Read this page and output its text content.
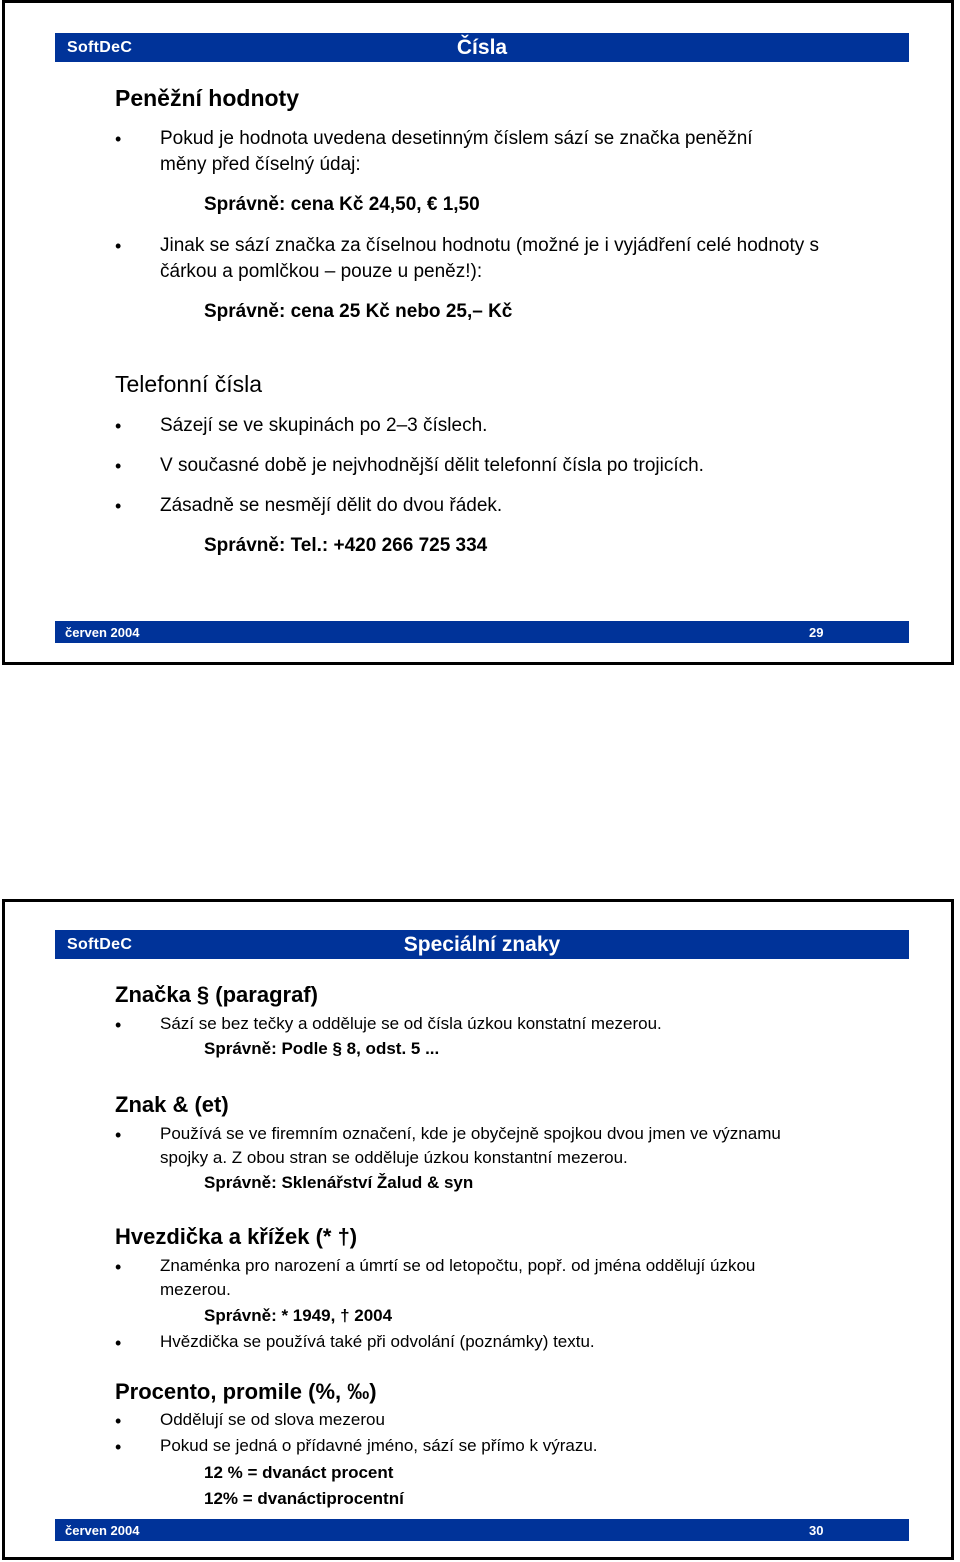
SoftDeC	Čísla
Peněžní hodnoty
• Pokud je hodnota uvedena desetinným číslem sází se značka peněžní měny před číselný údaj:
Správně: cena Kč 24,50, € 1,50
• Jinak se sází značka za číselnou hodnotu (možné je i vyjádření celé hodnoty s čárkou a pomlčkou – pouze u peněz!):
Správně: cena 25 Kč nebo 25,– Kč
Telefonní čísla
• Sázejí se ve skupinách po 2–3 číslech.
• V současné době je nejvhodnější dělit telefonní čísla po trojicích.
• Zásadně se nesmějí dělit do dvou řádek.
Správně: Tel.: +420 266 725 334
červen 2004	29
SoftDeC	Speciální znaky
Značka § (paragraf)
• Sází se bez tečky a odděluje se od čísla úzkou konstatní mezerou.
Správně: Podle § 8, odst. 5 ...
Znak & (et)
• Používá se ve firemním označení, kde je obyčejně spojkou dvou jmen ve významu spojky a. Z obou stran se odděluje úzkou konstantní mezerou.
Správně: Sklenářství Žalud & syn
Hvezdička a křížek (* †)
• Znaménka pro narození a úmrtí se od letopočtu, popř. od jména oddělují úzkou mezerou.
Správně: * 1949, † 2004
• Hvězdička se používá také při odvolání (poznámky) textu.
Procento, promile (%, ‰)
• Oddělují se od slova mezerou
• Pokud se jedná o přídavné jméno, sází se přímo k výrazu.
12 % = dvanáct procent
12% = dvanáctiprocentní
červen 2004	30
